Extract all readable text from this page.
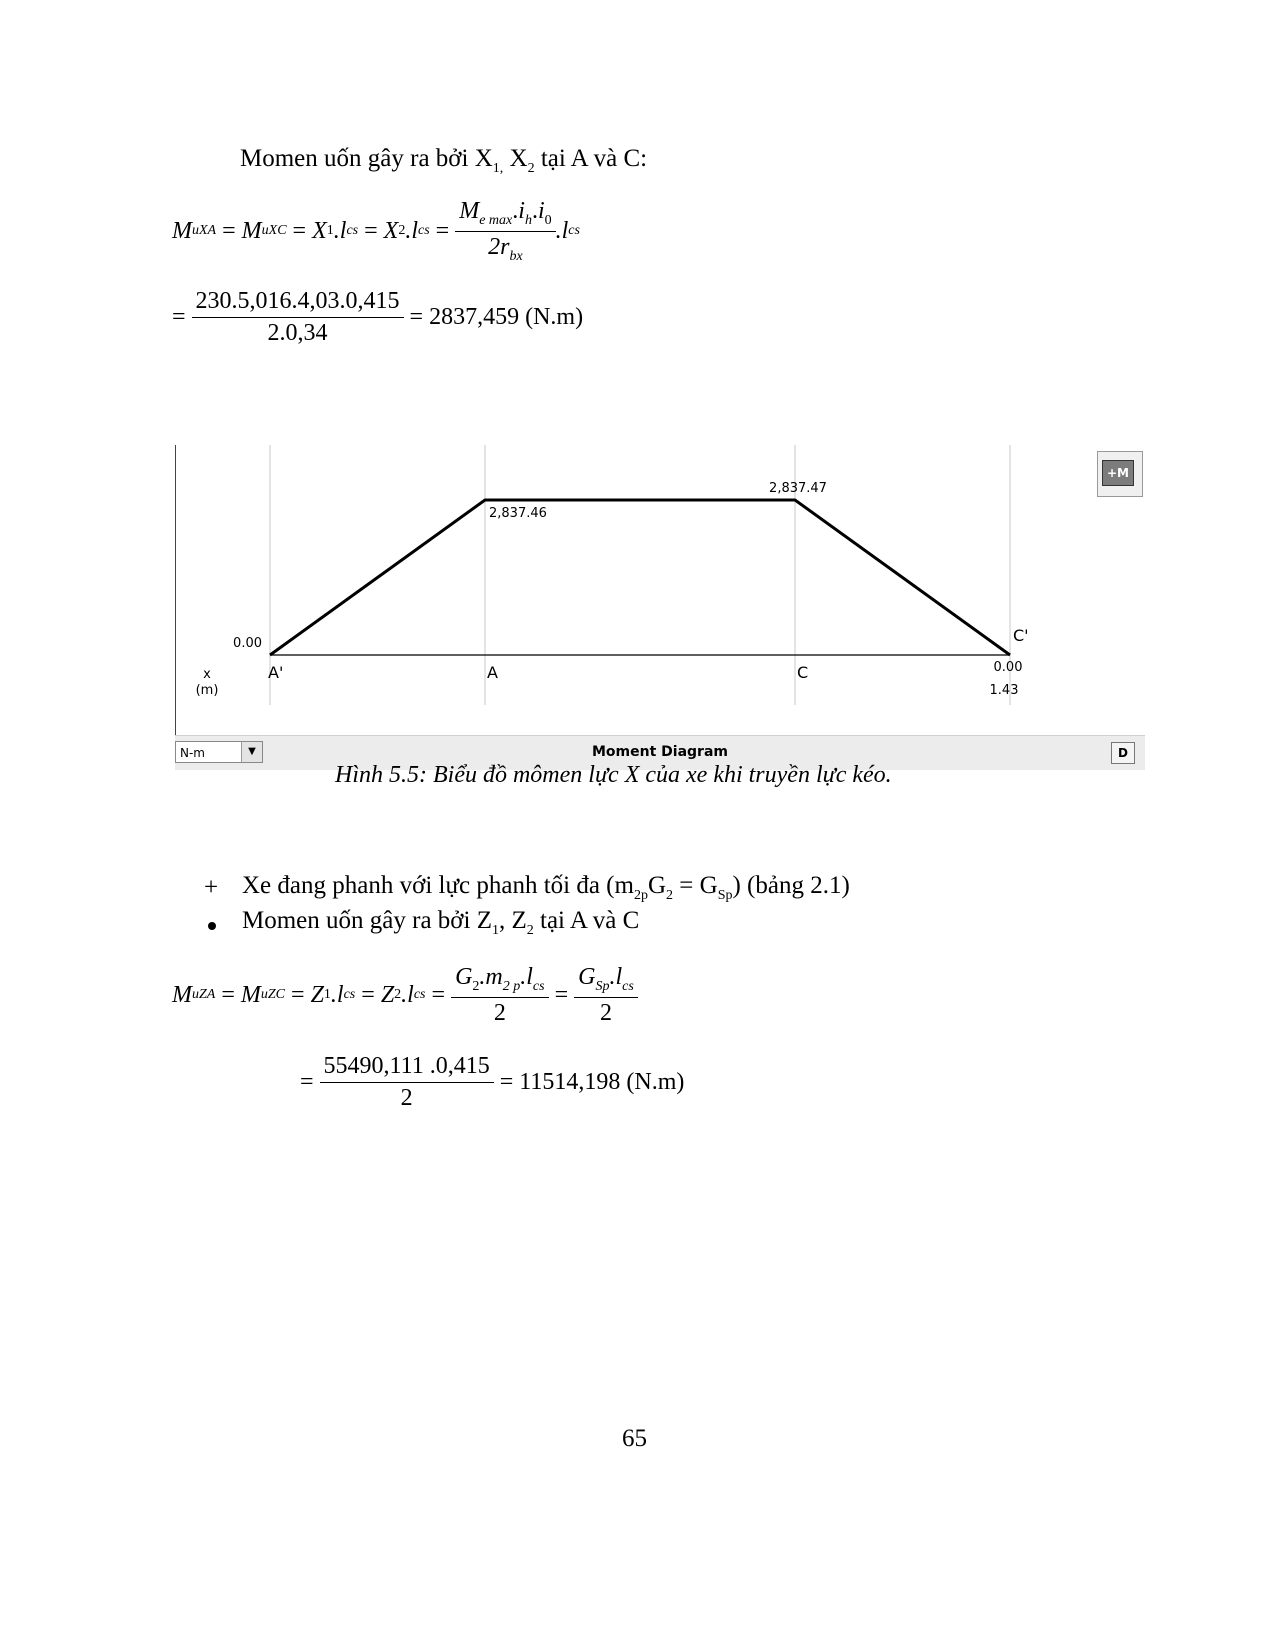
Momen uốn gây ra bởi $X_{1,}$ $X_2$ tại A và C:
M uXA = M uXC = X 1 . l cs = X 2 . l cs = $\frac{M_{e max}.i_h.i_0}{2r_{bx}} .l$ cs
= $\frac{230.5,016.4,03.0,415}{2.0,34}$
= 2837,459 (N.m)
0.00
2,837.46
2,837.47
0.00
A'	A	C
C'
x
(m)	1.43
+M
N-m	▼	Moment Diagram	D
Hình 5.5: Biểu đồ mômen lực X của xe khi truyền lực kéo.
+ Xe đang phanh với lực phanh tối đa $(m_{2p}G_2 = G_{Sp})$ (bảng 2.1)
Momen uốn gây ra bởi $Z_1$, $Z_2$ tại A và C
M uZA = M uZC = Z 1 . l cs = Z 2 .l cs = $\frac{G_2.m_{2 p}.l_{cs}}{2} = \frac{G_{Sp}.l_{cs}}{2}$
= $\frac{55490,111 .0,415}{2}$
= 11514,198 (N.m)
65
